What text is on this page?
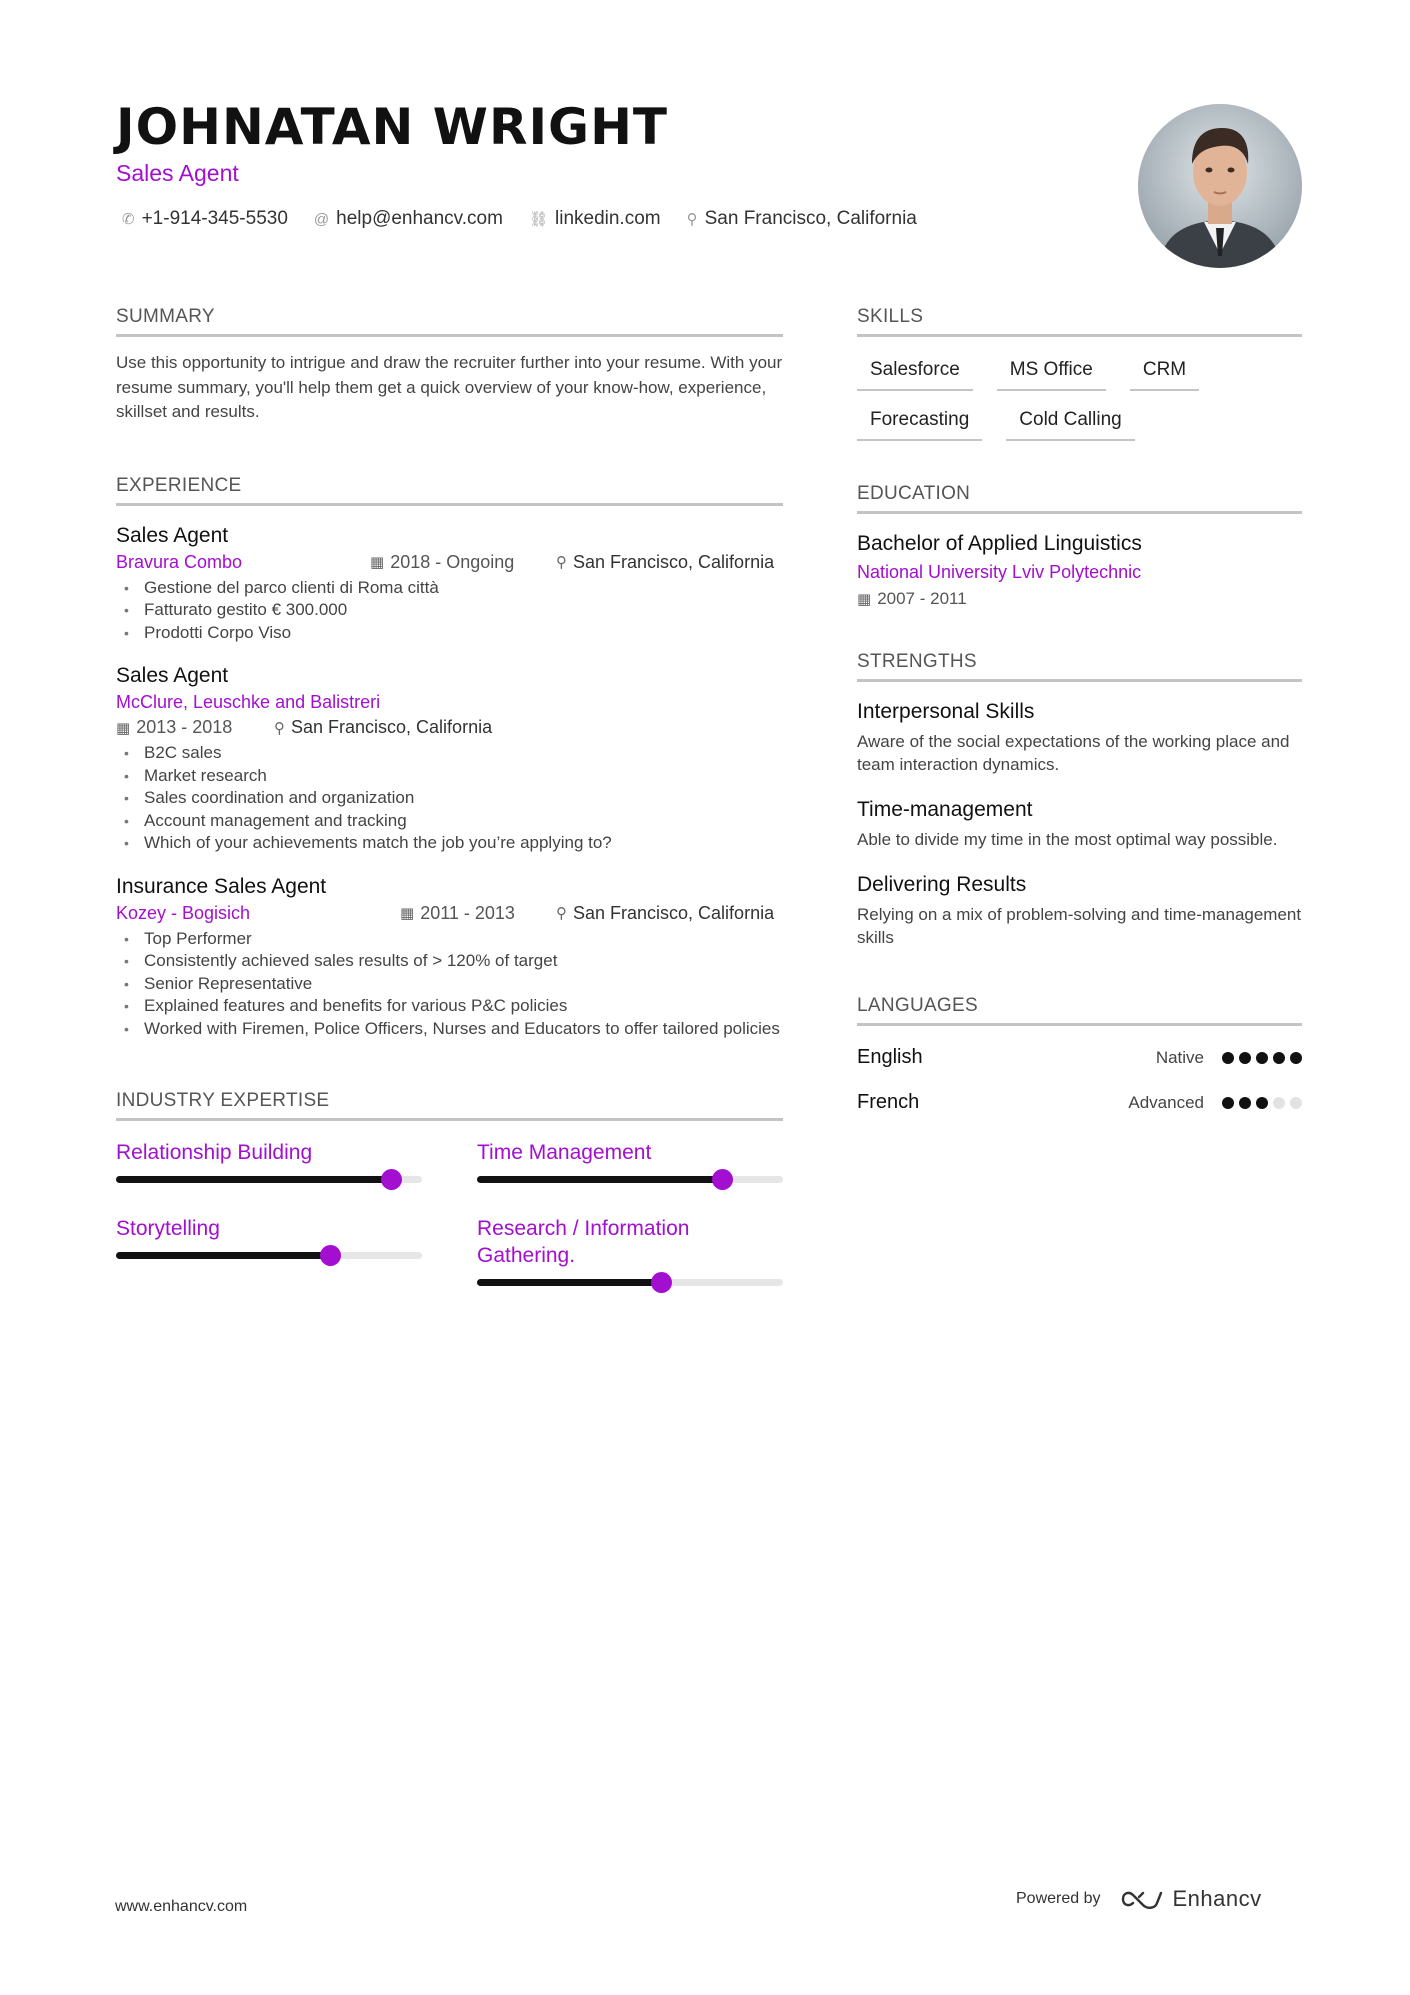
JOHNATAN WRIGHT
Sales Agent
✆ +1-914-345-5530 @ help@enhancv.com ⛓ linkedin.com ⚲ San Francisco, California
SUMMARY
Use this opportunity to intrigue and draw the recruiter further into your resume. With your resume summary, you'll help them get a quick overview of your know-how, experience, skillset and results.
EXPERIENCE
Sales Agent
Bravura Combo	▦ 2018 - Ongoing	⚲ San Francisco, California
• Gestione del parco clienti di Roma città
• Fatturato gestito € 300.000
• Prodotti Corpo Viso
Sales Agent
McClure, Leuschke and Balistreri
▦ 2013 - 2018	⚲ San Francisco, California
• B2C sales
• Market research
• Sales coordination and organization
• Account management and tracking
• Which of your achievements match the job you’re applying to?
Insurance Sales Agent
Kozey - Bogisich	▦ 2011 - 2013	⚲ San Francisco, California
• Top Performer
• Consistently achieved sales results of > 120% of target
• Senior Representative
• Explained features and benefits for various P&C policies
• Worked with Firemen, Police Officers, Nurses and Educators to offer tailored policies
INDUSTRY EXPERTISE
Relationship Building	Time Management
Storytelling	Research / Information Gathering.
SKILLS
Salesforce	MS Office	CRM
Forecasting	Cold Calling
EDUCATION
Bachelor of Applied Linguistics
National University Lviv Polytechnic
▦ 2007 - 2011
STRENGTHS
Interpersonal Skills
Aware of the social expectations of the working place and team interaction dynamics.
Time-management
Able to divide my time in the most optimal way possible.
Delivering Results
Relying on a mix of problem-solving and time-management skills
LANGUAGES
English	Native
French	Advanced
www.enhancv.com	Powered by	Enhancv
